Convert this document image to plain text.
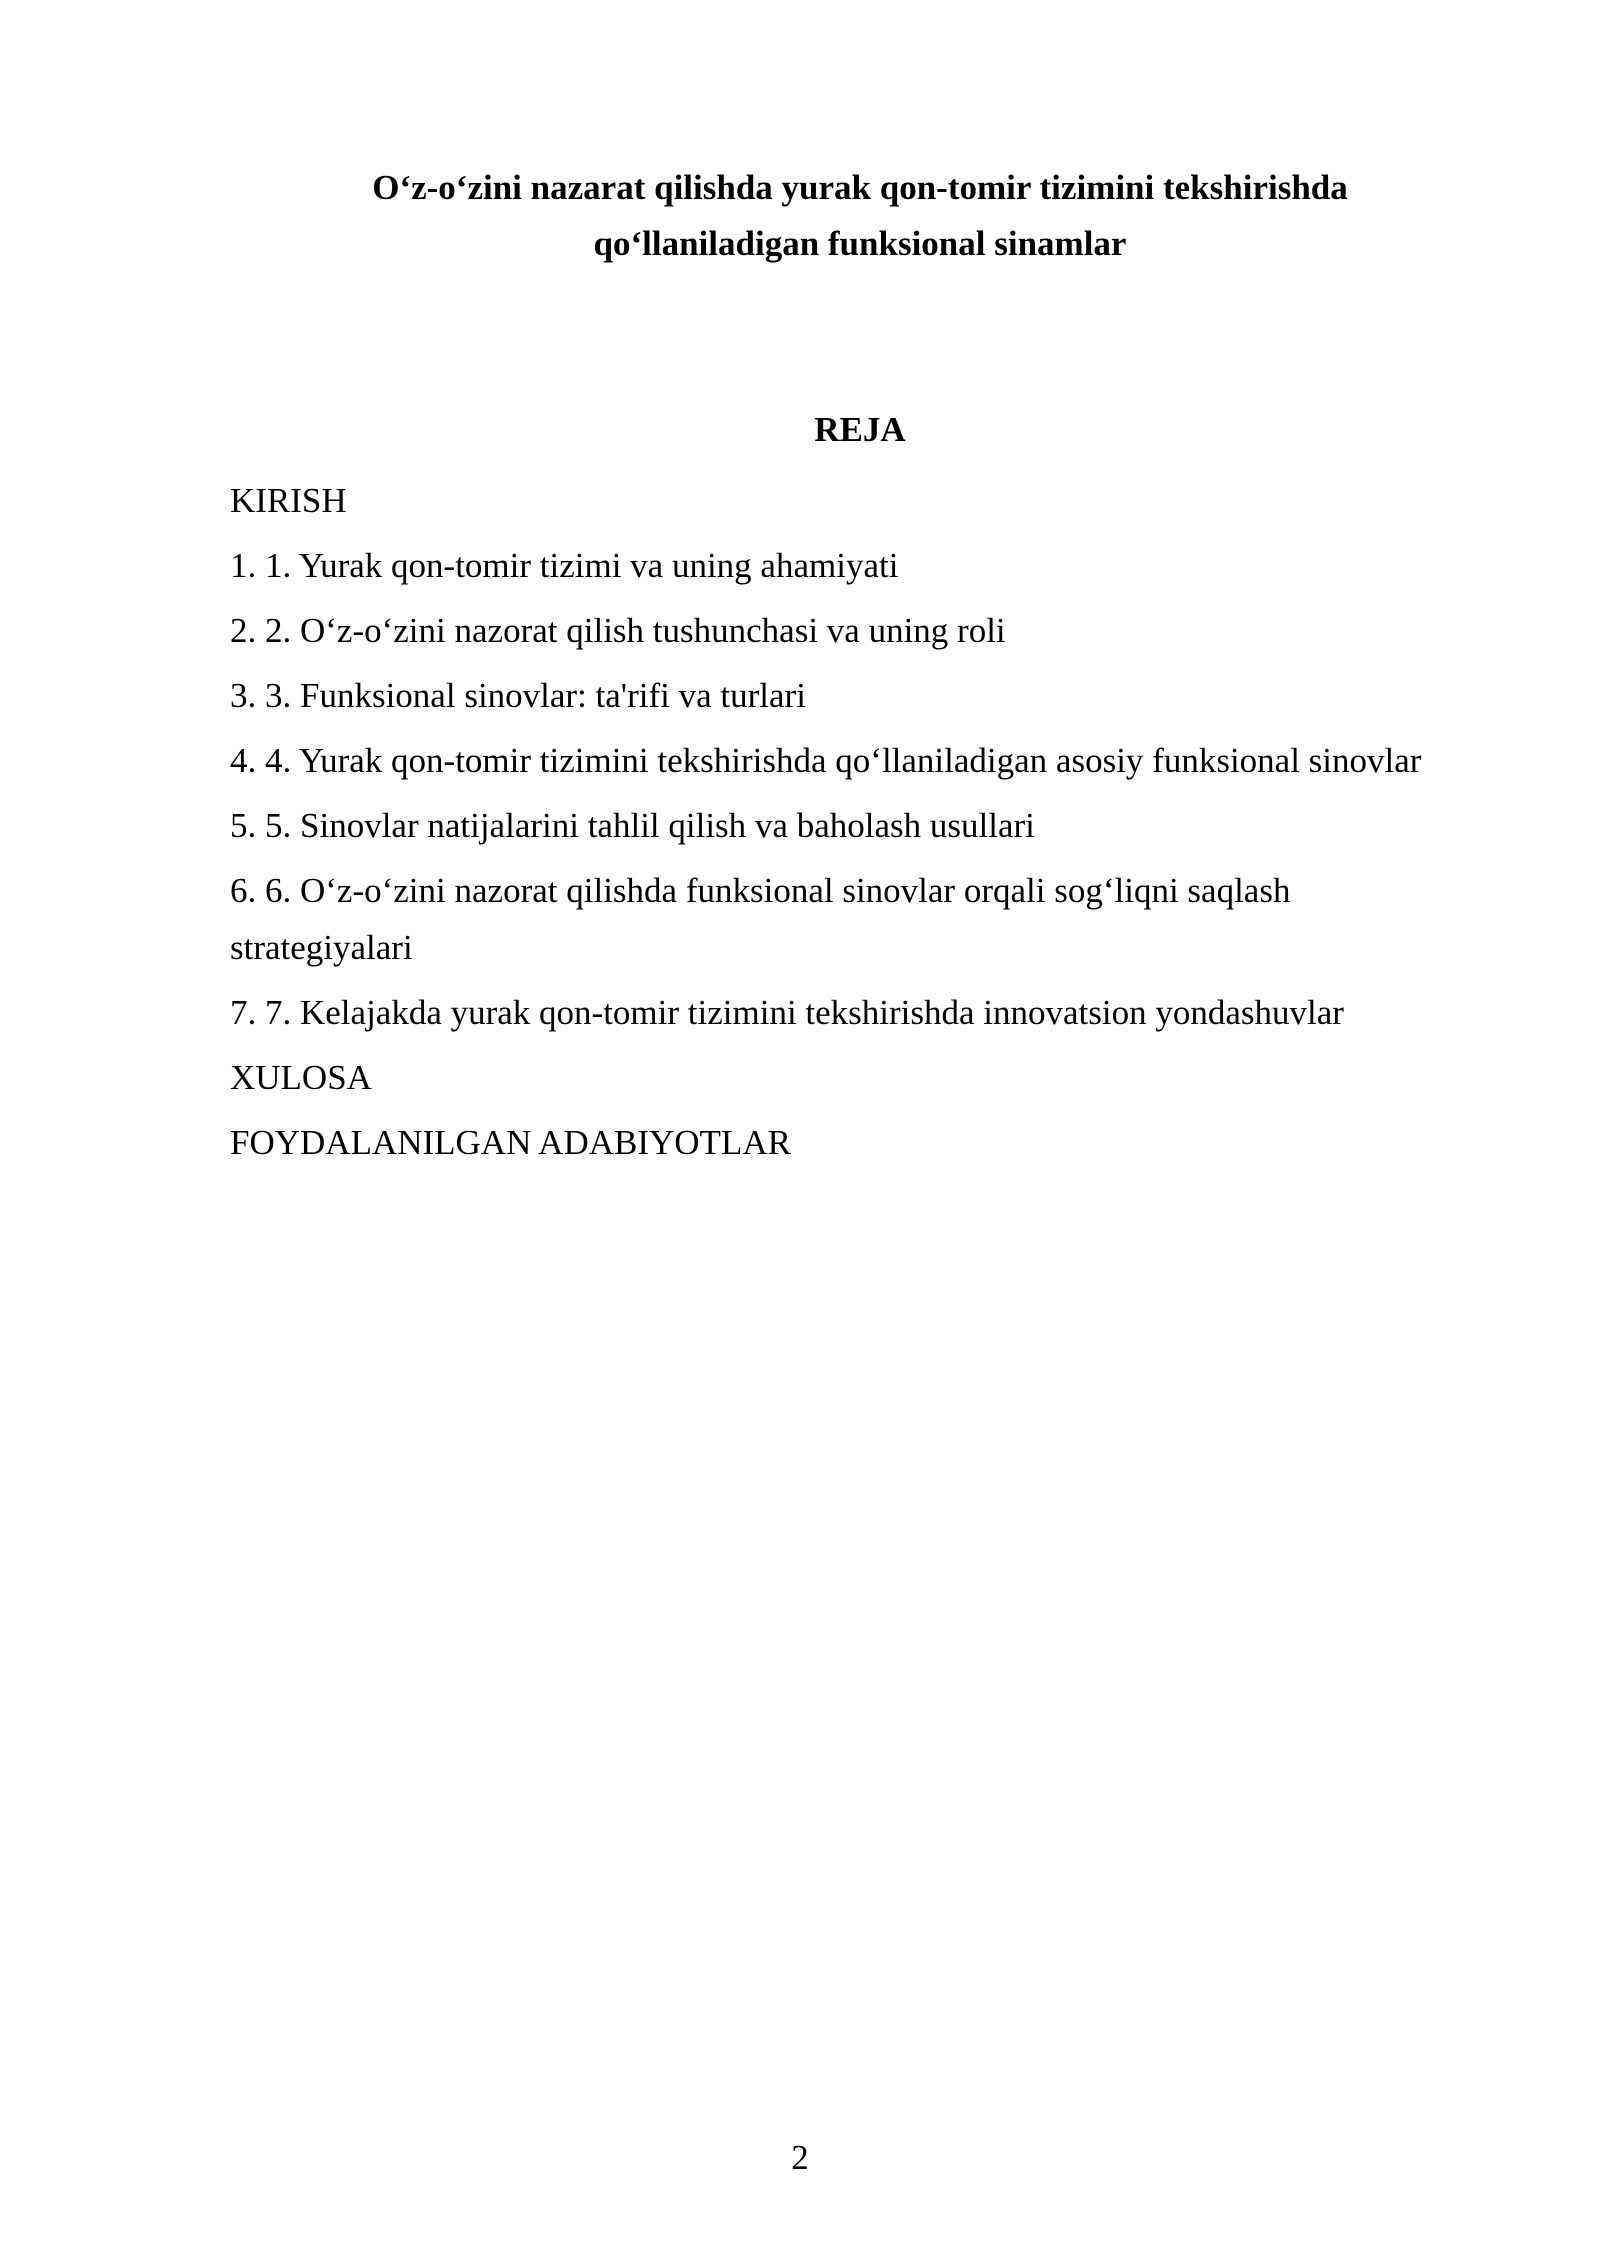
O‘z-o‘zini nazarat qilishda yurak qon-tomir tizimini tekshirishda
qo‘llaniladigan funksional sinamlar
REJA
KIRISH
1. 1. Yurak qon-tomir tizimi va uning ahamiyati
2. 2. O‘z-o‘zini nazorat qilish tushunchasi va uning roli
3. 3. Funksional sinovlar: ta'rifi va turlari
4. 4. Yurak qon-tomir tizimini tekshirishda qo‘llaniladigan asosiy funksional sinovlar
5. 5. Sinovlar natijalarini tahlil qilish va baholash usullari
6. 6. O‘z-o‘zini nazorat qilishda funksional sinovlar orqali sog‘liqni saqlash strategiyalari
7. 7. Kelajakda yurak qon-tomir tizimini tekshirishda innovatsion yondashuvlar
XULOSA
FOYDALANILGAN ADABIYOTLAR
2
